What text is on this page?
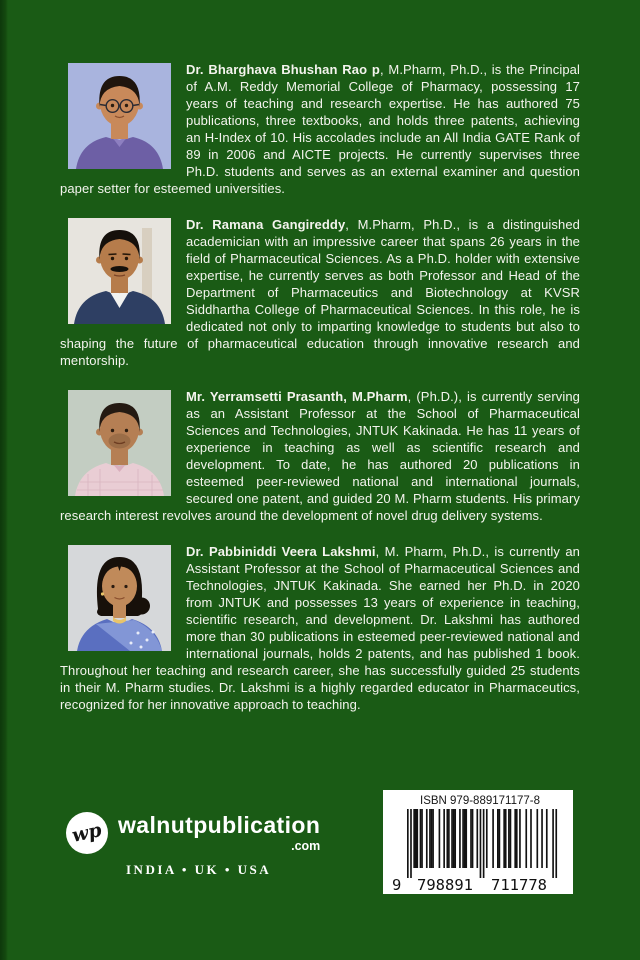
Dr. Bharghava Bhushan Rao p, M.Pharm, Ph.D., is the Principal of A.M. Reddy Memorial College of Pharmacy, possessing 17 years of teaching and research expertise. He has authored 75 publications, three textbooks, and holds three patents, achieving an H-Index of 10. His accolades include an All India GATE Rank of 89 in 2006 and AICTE projects. He currently supervises three Ph.D. students and serves as an external examiner and question paper setter for esteemed universities.
Dr. Ramana Gangireddy, M.Pharm, Ph.D., is a distinguished academician with an impressive career that spans 26 years in the field of Pharmaceutical Sciences. As a Ph.D. holder with extensive expertise, he currently serves as both Professor and Head of the Department of Pharmaceutics and Biotechnology at KVSR Siddhartha College of Pharmaceutical Sciences. In this role, he is dedicated not only to imparting knowledge to students but also to shaping the future of pharmaceutical education through innovative research and mentorship.
Mr. Yerramsetti Prasanth, M.Pharm, (Ph.D.), is currently serving as an Assistant Professor at the School of Pharmaceutical Sciences and Technologies, JNTUK Kakinada. He has 11 years of experience in teaching as well as scientific research and development. To date, he has authored 20 publications in esteemed peer-reviewed national and international journals, secured one patent, and guided 20 M. Pharm students. His primary research interest revolves around the development of novel drug delivery systems.
Dr. Pabbiniddi Veera Lakshmi, M. Pharm, Ph.D., is currently an Assistant Professor at the School of Pharmaceutical Sciences and Technologies, JNTUK Kakinada. She earned her Ph.D. in 2020 from JNTUK and possesses 13 years of experience in teaching, scientific research, and development. Dr. Lakshmi has authored more than 30 publications in esteemed peer-reviewed national and international journals, holds 2 patents, and has published 1 book. Throughout her teaching and research career, she has successfully guided 25 students in their M. Pharm studies. Dr. Lakshmi is a highly regarded educator in Pharmaceutics, recognized for her innovative approach to teaching.
wp walnutpublication
.com
INDIA • UK • USA
ISBN 979-889171177-8
9 798891 711778
